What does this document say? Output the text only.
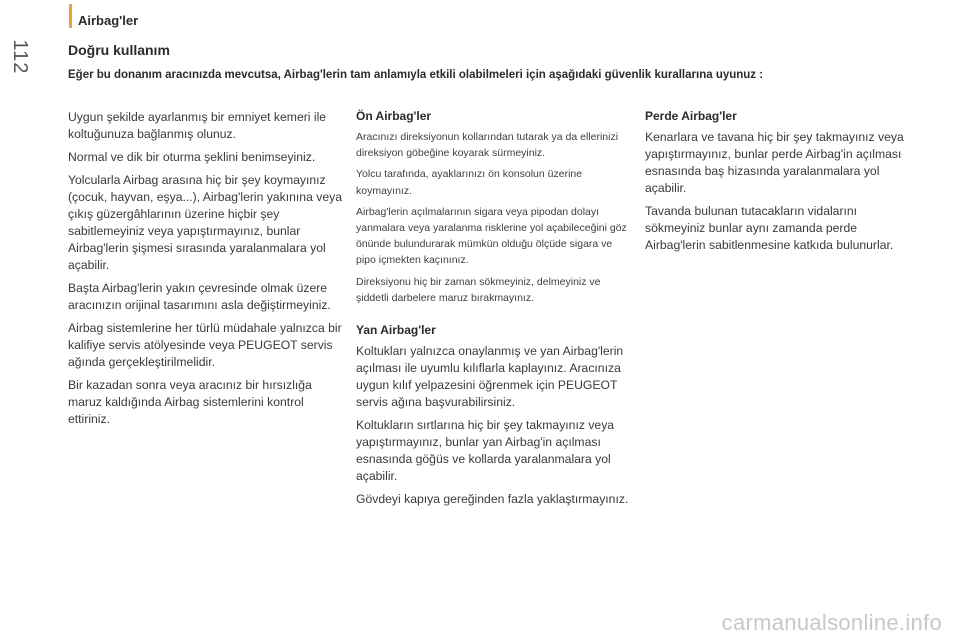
Airbag'ler
112	Doğru kullanım
Eğer bu donanım aracınızda mevcutsa, Airbag'lerin tam anlamıyla etkili olabilmeleri için aşağıdaki güvenlik kurallarına uyunuz :

Uygun şekilde ayarlanmış bir emniyet kemeri ile koltuğunuza bağlanmış olunuz.

Normal ve dik bir oturma şeklini benimseyiniz.

Yolcularla Airbag arasına hiç bir şey koymayınız (çocuk, hayvan, eşya...), Airbag'lerin yakınına veya çıkış güzergâhlarının üzerine hiçbir şey sabitlemeyiniz veya yapıştırmayınız, bunlar Airbag'lerin şişmesi sırasında yaralanmalara yol açabilir.

Başta Airbag'lerin yakın çevresinde olmak üzere aracınızın orijinal tasarımını asla değiştirmeyiniz.

Airbag sistemlerine her türlü müdahale yalnızca bir kalifiye servis atölyesinde veya PEUGEOT servis ağında gerçekleştirilmelidir.

Bir kazadan sonra veya aracınız bir hırsızlığa maruz kaldığında Airbag sistemlerini kontrol ettiriniz.

Ön Airbag'ler

Aracınızı direksiyonun kollarından tutarak ya da ellerinizi direksiyon göbeğine koyarak sürmeyiniz.

Yolcu tarafında, ayaklarınızı ön konsolun üzerine koymayınız.

Airbag'lerin açılmalarının sigara veya pipodan dolayı yanmalara veya yaralanma risklerine yol açabileceğini göz önünde bulundurarak mümkün olduğu ölçüde sigara ve pipo içmekten kaçınınız.

Direksiyonu hiç bir zaman sökmeyiniz, delmeyiniz ve şiddetli darbelere maruz bırakmayınız.

Yan Airbag'ler

Koltukları yalnızca onaylanmış ve yan Airbag'lerin açılması ile uyumlu kılıflarla kaplayınız. Aracınıza uygun kılıf yelpazesini öğrenmek için PEUGEOT servis ağına başvurabilirsiniz.

Koltukların sırtlarına hiç bir şey takmayınız veya yapıştırmayınız, bunlar yan Airbag'in açılması esnasında göğüs ve kollarda yaralanmalara yol açabilir.

Gövdeyi kapıya gereğinden fazla yaklaştırmayınız.

Perde Airbag'ler

Kenarlara ve tavana hiç bir şey takmayınız veya yapıştırmayınız, bunlar perde Airbag'in açılması esnasında baş hizasında yaralanmalara yol açabilir.

Tavanda bulunan tutacakların vidalarını sökmeyiniz bunlar aynı zamanda perde Airbag'lerin sabitlenmesine katkıda bulunurlar.

carmanualsonline.info
